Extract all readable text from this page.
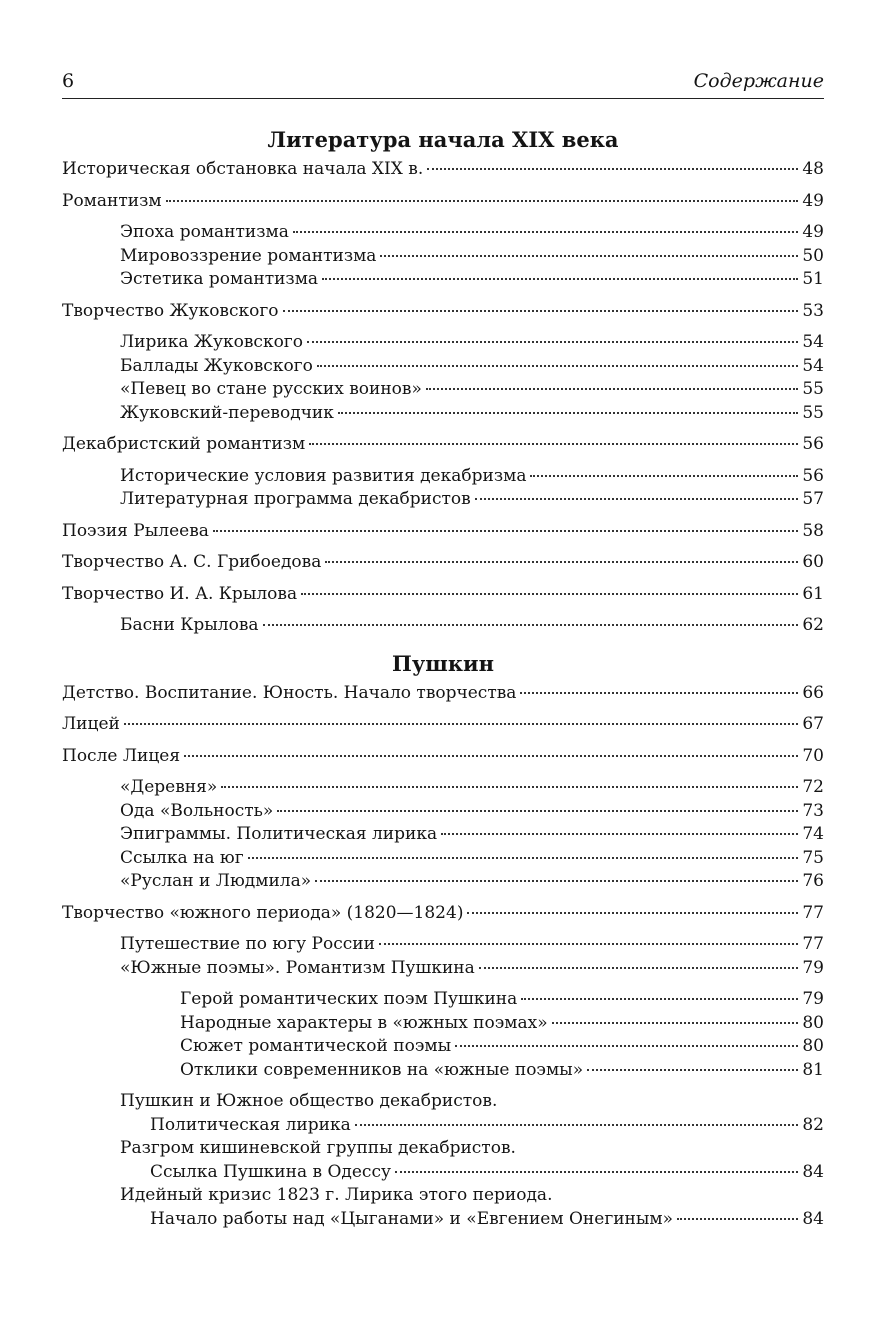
6	Содержание
Литература начала XIX века
Историческая обстановка начала XIX в.	48
Романтизм	49
Эпоха романтизма	49
Мировоззрение романтизма	50
Эстетика романтизма	51
Творчество Жуковского	53
Лирика Жуковского	54
Баллады Жуковского	54
«Певец во стане русских воинов»	55
Жуковский-переводчик	55
Декабристский романтизм	56
Исторические условия развития декабризма	56
Литературная программа декабристов	57
Поэзия Рылеева	58
Творчество А. С. Грибоедова	60
Творчество И. А. Крылова	61
Басни Крылова	62
Пушкин
Детство. Воспитание. Юность. Начало творчества	66
Лицей	67
После Лицея	70
«Деревня»	72
Ода «Вольность»	73
Эпиграммы. Политическая лирика	74
Ссылка на юг	75
«Руслан и Людмила»	76
Творчество «южного периода» (1820—1824)	77
Путешествие по югу России	77
«Южные поэмы». Романтизм Пушкина	79
Герой романтических поэм Пушкина	79
Народные характеры в «южных поэмах»	80
Сюжет романтической поэмы	80
Отклики современников на «южные поэмы»	81
Пушкин и Южное общество декабристов.
Политическая лирика	82
Разгром кишиневской группы декабристов.
Ссылка Пушкина в Одессу	84
Идейный кризис 1823 г. Лирика этого периода.
Начало работы над «Цыганами» и «Евгением Онегиным»	84
